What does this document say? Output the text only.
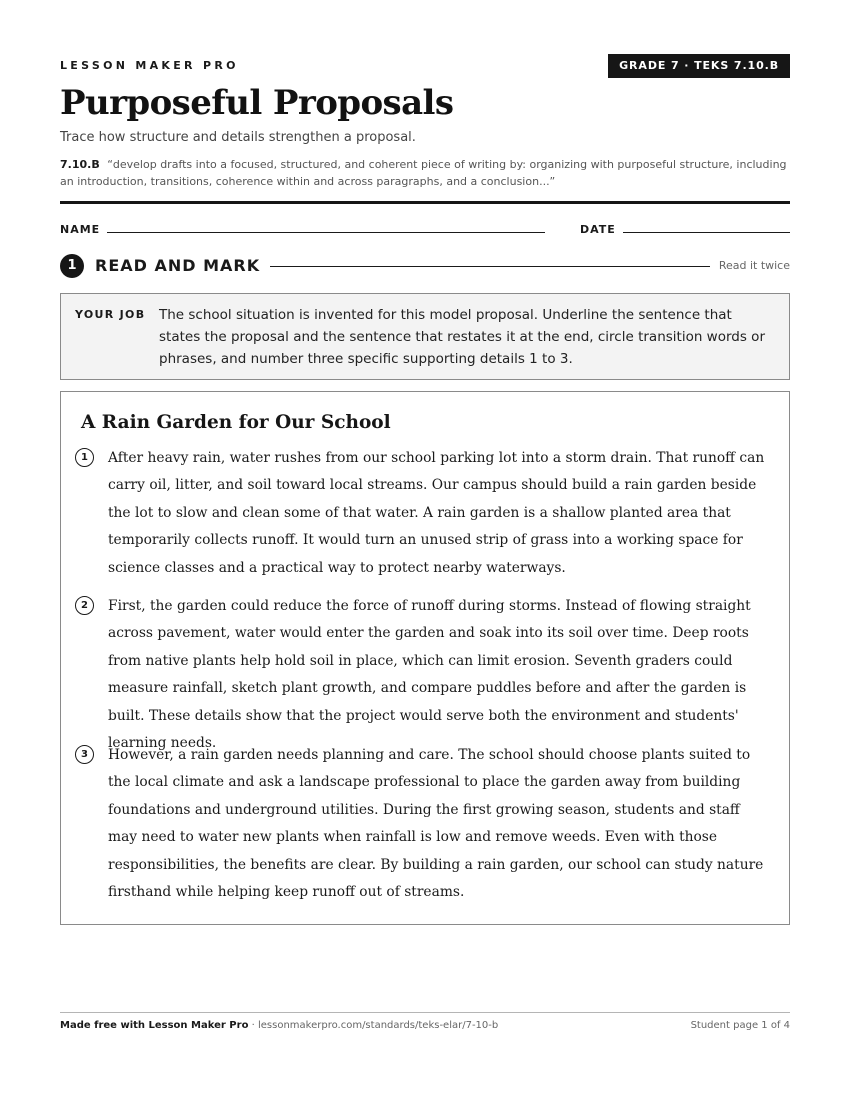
LESSON MAKER PRO	GRADE 7 · TEKS 7.10.B
Purposeful Proposals
Trace how structure and details strengthen a proposal.
7.10.B “develop drafts into a focused, structured, and coherent piece of writing by: organizing with purposeful structure, including an introduction, transitions, coherence within and across paragraphs, and a conclusion...”
NAME	DATE
1	READ AND MARK	Read it twice
YOUR JOB The school situation is invented for this model proposal. Underline the sentence that states the proposal and the sentence that restates it at the end, circle transition words or phrases, and number three specific supporting details 1 to 3.
A Rain Garden for Our School
1	After heavy rain, water rushes from our school parking lot into a storm drain. That runoff can carry oil, litter, and soil toward local streams. Our campus should build a rain garden beside the lot to slow and clean some of that water. A rain garden is a shallow planted area that temporarily collects runoff. It would turn an unused strip of grass into a working space for science classes and a practical way to protect nearby waterways.
2	First, the garden could reduce the force of runoff during storms. Instead of flowing straight across pavement, water would enter the garden and soak into its soil over time. Deep roots from native plants help hold soil in place, which can limit erosion. Seventh graders could measure rainfall, sketch plant growth, and compare puddles before and after the garden is built. These details show that the project would serve both the environment and students' learning needs.
3	However, a rain garden needs planning and care. The school should choose plants suited to the local climate and ask a landscape professional to place the garden away from building foundations and underground utilities. During the first growing season, students and staff may need to water new plants when rainfall is low and remove weeds. Even with those responsibilities, the benefits are clear. By building a rain garden, our school can study nature firsthand while helping keep runoff out of streams.
Made free with Lesson Maker Pro · lessonmakerpro.com/standards/teks-elar/7-10-b	Student page 1 of 4
